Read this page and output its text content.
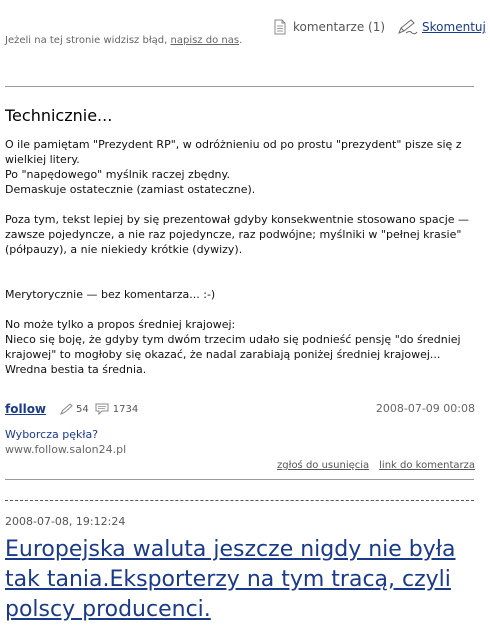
komentarze (1)	Skomentuj
Jeżeli na tej stronie widzisz błąd, napisz do nas.
Technicznie...

O ile pamiętam "Prezydent RP", w odróżnieniu od po prostu "prezydent" pisze się z wielkiej litery.

Po "napędowego" myślnik raczej zbędny.

Demaskuje ostatecznie (zamiast ostateczne).

Poza tym, tekst lepiej by się prezentował gdyby konsekwentnie stosowano spacje — zawsze pojedyncze, a nie raz pojedyncze, raz podwójne; myślniki w "pełnej krasie" (półpauzy), a nie niekiedy krótkie (dywizy).

Merytorycznie — bez komentarza... :-)

No może tylko a propos średniej krajowej:

Nieco się boję, że gdyby tym dwóm trzecim udało się podnieść pensję "do średniej krajowej" to mogłoby się okazać, że nadal zarabiają poniżej średniej krajowej... Wredna bestia ta średnia.

follow	54 1734	2008-07-09 00:08
Wyborcza pękła?
www.follow.salon24.pl
zgłoś do usunięcia link do komentarza
2008-07-08, 19:12:24
Europejska waluta jeszcze nigdy nie była tak tania.Eksporterzy na tym tracą, czyli polscy producenci.
